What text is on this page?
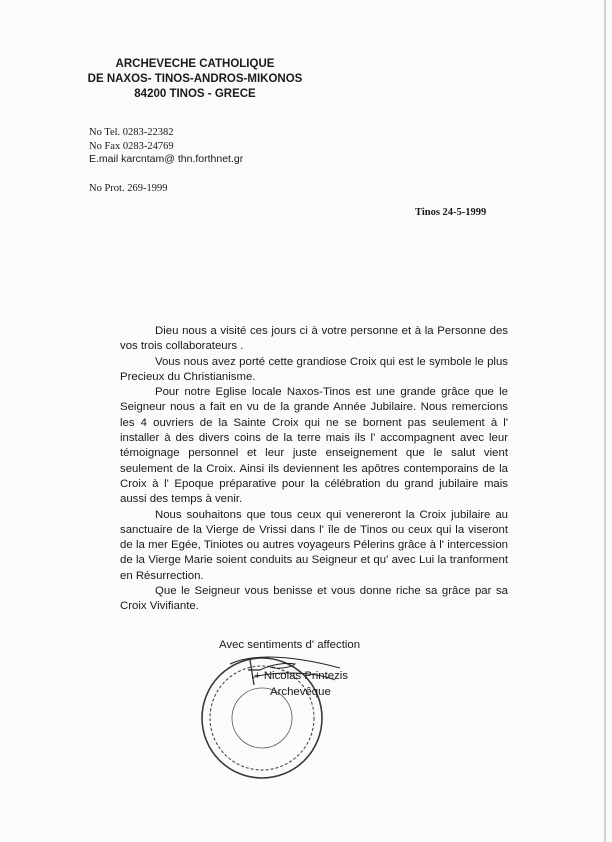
ARCHEVECHE CATHOLIQUE
DE NAXOS- TINOS-ANDROS-MIKONOS
84200 TINOS - GRECE
No Tel. 0283-22382
No Fax 0283-24769
E.mail karcntam@ thn.forthnet.gr
No Prot. 269-1999
Tinos 24-5-1999

Dieu nous a visité ces jours ci à votre personne et à la Personne des vos trois collaborateurs .

Vous nous avez porté cette grandiose Croix qui est le symbole le plus Precieux du Christianisme.

Pour notre Eglise locale Naxos-Tinos est une grande grâce que le Seigneur nous a fait en vu de la grande Année Jubilaire. Nous remercions les 4 ouvriers de la Sainte Croix qui ne se bornent pas seulement à l' installer à des divers coins de la terre mais ils l' accompagnent avec leur témoignage personnel et leur juste enseignement que le salut vient seulement de la Croix. Ainsi ils deviennent les apôtres contemporains de la Croix à l' Epoque préparative pour la célébration du grand jubilaire mais aussi des temps à venir.

Nous souhaitons que tous ceux qui venereront la Croix jubilaire au sanctuaire de la Vierge de Vrissi dans l' île de Tinos ou ceux qui la viseront de la mer Egée, Tiniotes ou autres voyageurs Pélerins grâce à l' intercession de la Vierge Marie soient conduits au Seigneur et qu' avec Lui la tranforment en Résurrection.

Que le Seigneur vous benisse et vous donne riche sa grâce par sa Croix Vivifiante.

Avec sentiments d' affection
+ Nicolas Printezis
Archevêque
